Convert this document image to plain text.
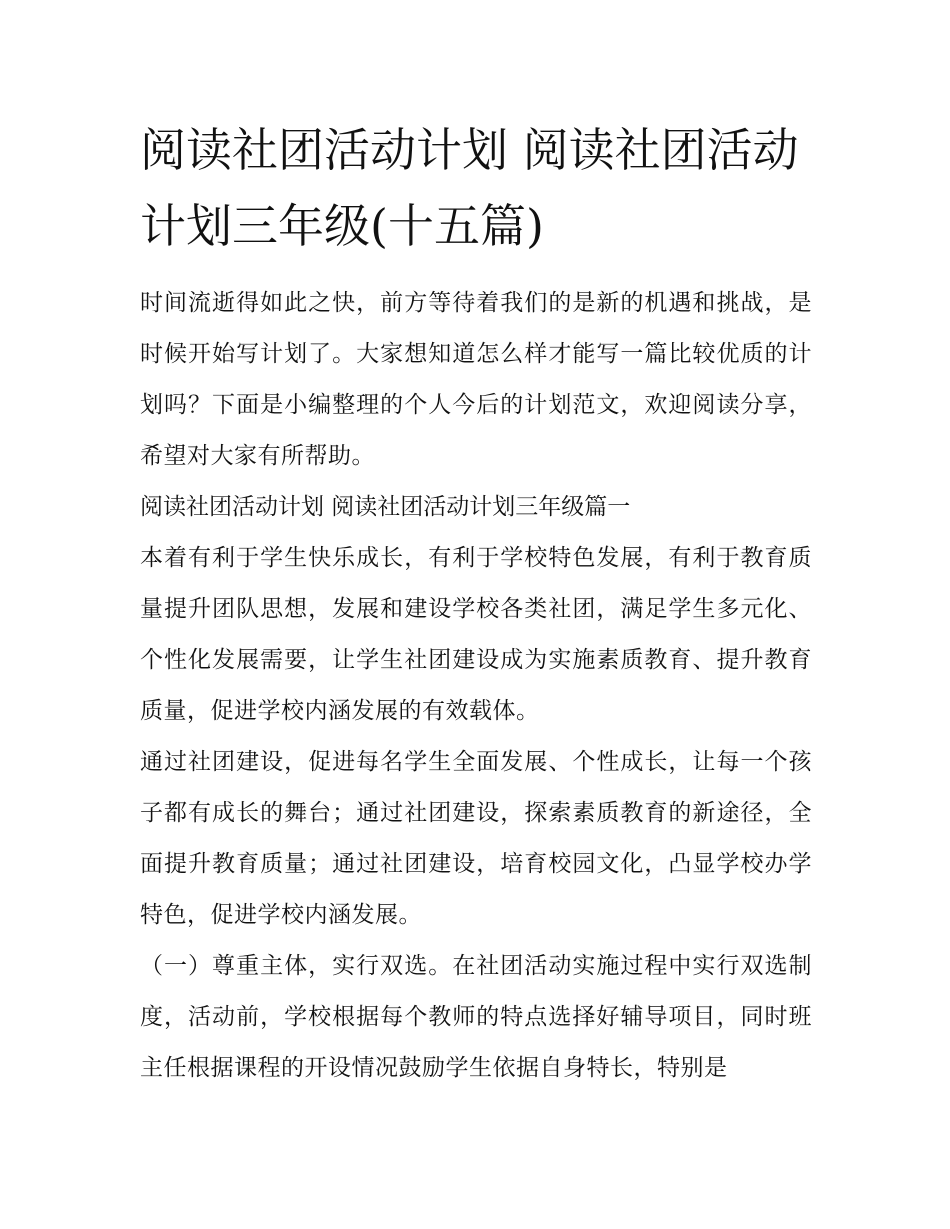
阅读社团活动计划 阅读社团活动计划三年级(十五篇)

时间流逝得如此之快，前方等待着我们的是新的机遇和挑战，是时候开始写计划了。大家想知道怎么样才能写一篇比较优质的计划吗？下面是小编整理的个人今后的计划范文，欢迎阅读分享，希望对大家有所帮助。

阅读社团活动计划 阅读社团活动计划三年级篇一

本着有利于学生快乐成长，有利于学校特色发展，有利于教育质量提升团队思想，发展和建设学校各类社团，满足学生多元化、个性化发展需要，让学生社团建设成为实施素质教育、提升教育质量，促进学校内涵发展的有效载体。

通过社团建设，促进每名学生全面发展、个性成长，让每一个孩子都有成长的舞台；通过社团建设，探索素质教育的新途径，全面提升教育质量；通过社团建设，培育校园文化，凸显学校办学特色，促进学校内涵发展。

（一）尊重主体，实行双选。在社团活动实施过程中实行双选制度，活动前，学校根据每个教师的特点选择好辅导项目，同时班主任根据课程的开设情况鼓励学生依据自身特长，特别是
